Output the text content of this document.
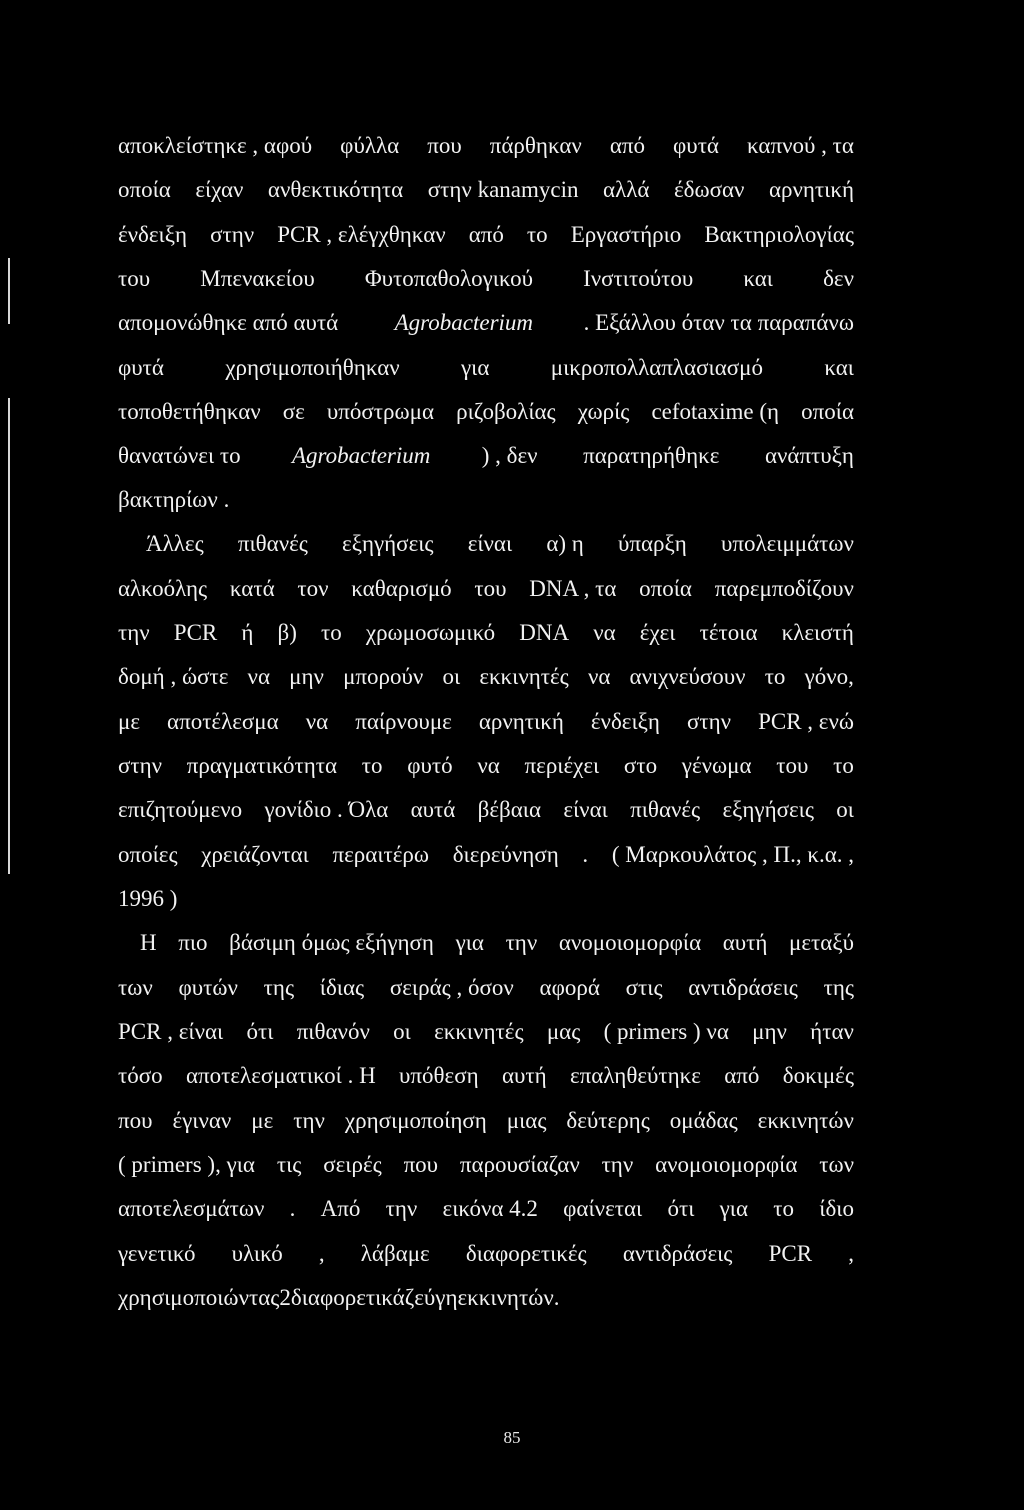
αποκλείστηκε , αφού φύλλα που πάρθηκαν από φυτά καπνού , τα
οποία είχαν ανθεκτικότητα στην kanamycin αλλά έδωσαν αρνητική
ένδειξη στην PCR , ελέγχθηκαν από το Εργαστήριο Βακτηριολογίας
του Μπενακείου Φυτοπαθολογικού Ινστιτούτου και δεν
απομονώθηκε από αυτά Agrobacterium . Εξάλλου όταν τα παραπάνω
φυτά	χρησιμοποιήθηκαν	για	μικροπολλαπλασιασμό	και
τοποθετήθηκαν σε υπόστρωμα ριζοβολίας χωρίς cefotaxime (η οποία
θανατώνει το Agrobacterium ) , δεν παρατηρήθηκε ανάπτυξη
βακτηρίων .
Άλλες πιθανές εξηγήσεις είναι α) η ύπαρξη υπολειμμάτων
αλκοόλης κατά τον καθαρισμό του DNA , τα οποία παρεμποδίζουν
την PCR ή β) το χρωμοσωμικό DNA να έχει τέτοια κλειστή
δομή , ώστε να μην μπορούν οι εκκινητές να ανιχνεύσουν το γόνο,
με αποτέλεσμα να παίρνουμε αρνητική ένδειξη στην PCR , ενώ
στην πραγματικότητα το φυτό να περιέχει στο γένωμα του το
επιζητούμενο γονίδιο . Όλα αυτά βέβαια είναι πιθανές εξηγήσεις οι
οποίες χρειάζονται περαιτέρω διερεύνηση . ( Μαρκουλάτος , Π., κ.α. ,
1996 )
Η πιο βάσιμη όμως εξήγηση για την ανομοιομορφία αυτή μεταξύ
των φυτών της ίδιας σειράς , όσον αφορά στις αντιδράσεις της
PCR , είναι ότι πιθανόν οι εκκινητές μας ( primers ) να μην ήταν
τόσο αποτελεσματικοί . Η υπόθεση αυτή επαληθεύτηκε από δοκιμές
που έγιναν με την χρησιμοποίηση μιας δεύτερης ομάδας εκκινητών
( primers ), για τις σειρές που παρουσίαζαν την ανομοιομορφία των
αποτελεσμάτων . Από την εικόνα 4.2 φαίνεται ότι για το ίδιο
γενετικό υλικό , λάβαμε διαφορετικές αντιδράσεις PCR ,
χρησιμοποιώντας 2 διαφορετικά ζεύγη εκκινητών .
85
